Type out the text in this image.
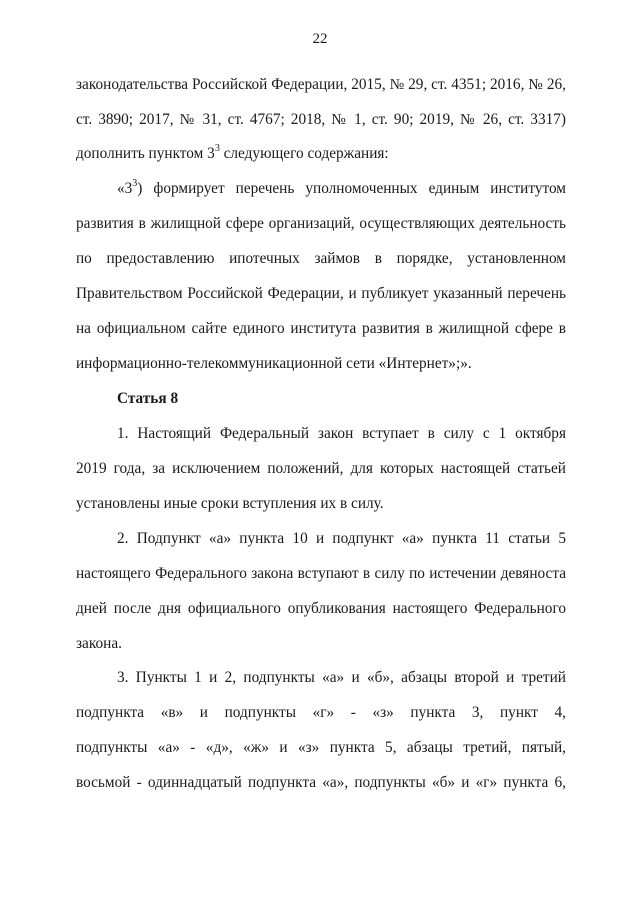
22
законодательства Российской Федерации, 2015, № 29, ст. 4351; 2016, № 26,
ст. 3890; 2017, № 31, ст. 4767; 2018, № 1, ст. 90; 2019, № 26, ст. 3317)
дополнить пунктом $3^3$ следующего содержания:
«$3^3$) формирует перечень уполномоченных единым институтом
развития в жилищной сфере организаций, осуществляющих деятельность
по предоставлению ипотечных займов в порядке, установленном
Правительством Российской Федерации, и публикует указанный перечень
на официальном сайте единого института развития в жилищной сфере в
информационно-телекоммуникационной сети «Интернет»;».
Статья 8
1. Настоящий Федеральный закон вступает в силу с 1 октября
2019 года, за исключением положений, для которых настоящей статьей
установлены иные сроки вступления их в силу.
2. Подпункт «а» пункта 10 и подпункт «а» пункта 11 статьи 5
настоящего Федерального закона вступают в силу по истечении девяноста
дней после дня официального опубликования настоящего Федерального
закона.
3. Пункты 1 и 2, подпункты «а» и «б», абзацы второй и третий
подпункта «в» и подпункты «г» - «з» пункта 3, пункт 4,
подпункты «а» - «д», «ж» и «з» пункта 5, абзацы третий, пятый,
восьмой - одиннадцатый подпункта «а», подпункты «б» и «г» пункта 6,
